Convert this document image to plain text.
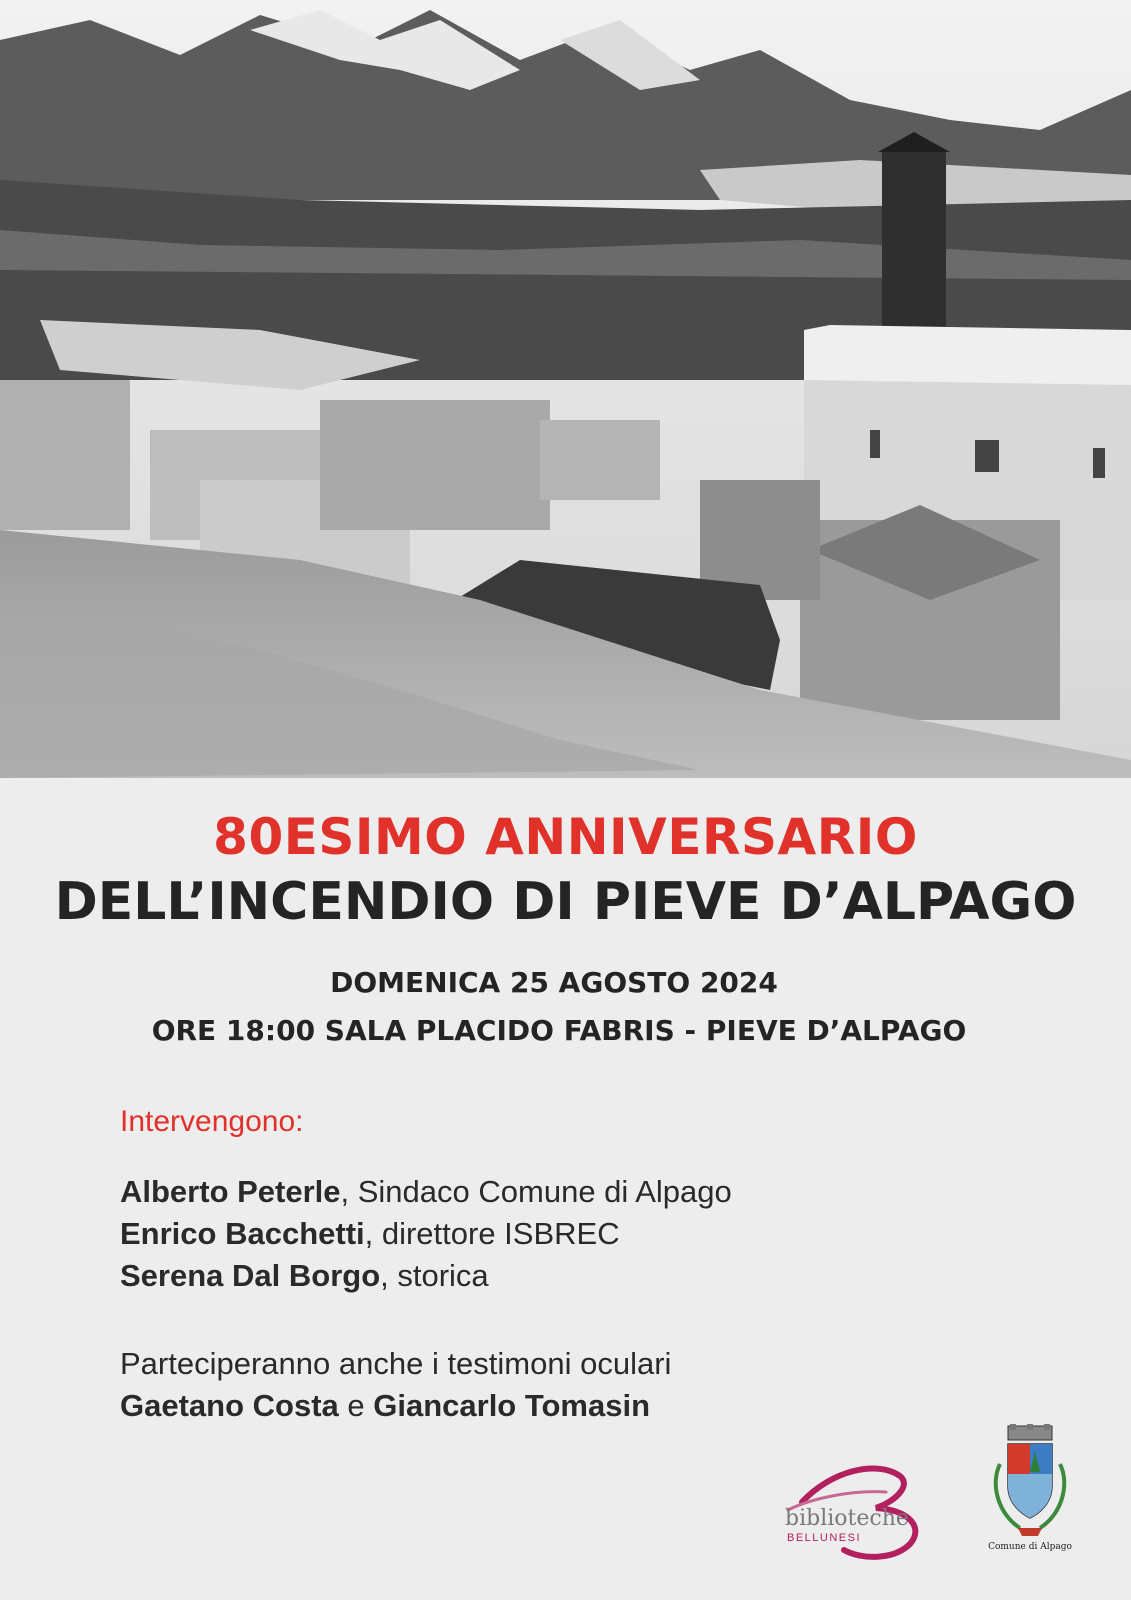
80ESIMO ANNIVERSARIO
DELL’INCENDIO DI PIEVE D’ALPAGO
DOMENICA 25 AGOSTO 2024
ORE 18:00 SALA PLACIDO FABRIS - PIEVE D’ALPAGO
Intervengono:
Alberto Peterle, Sindaco Comune di Alpago
Enrico Bacchetti, direttore ISBREC
Serena Dal Borgo, storica
Parteciperanno anche i testimoni oculari
Gaetano Costa e Giancarlo Tomasin
biblioteche
BELLUNESI
Comune di Alpago
